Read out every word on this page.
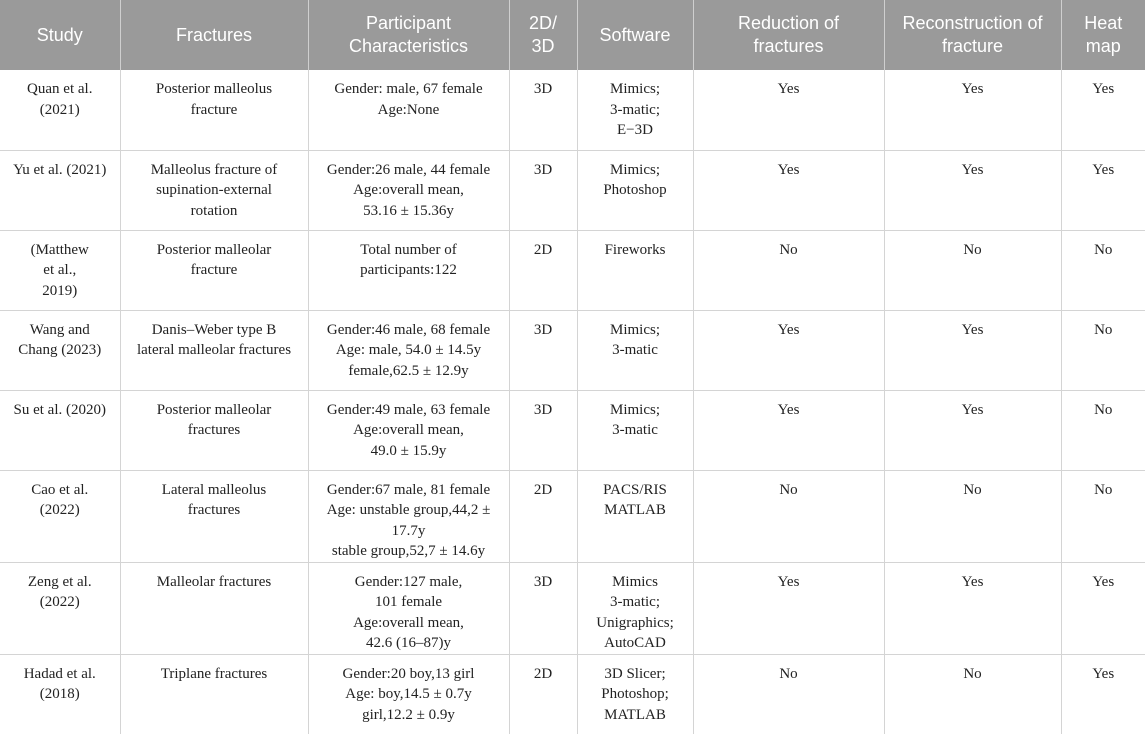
Study	Fractures	Participant
Characteristics	2D/
3D	Software	Reduction of
fractures	Reconstruction of
fracture	Heat
map

Quan et al.
(2021)	Posterior malleolus
fracture	Gender: male, 67 female
Age:None	3D	Mimics;
3-matic;
E−3D	Yes	Yes	Yes

Yu et al. (2021)	Malleolus fracture of
supination-external
rotation	Gender:26 male, 44 female
Age:overall mean,
53.16 ± 15.36y	3D	Mimics;
Photoshop	Yes	Yes	Yes

(Matthew
et al.,
2019)	Posterior malleolar
fracture	Total number of
participants:122	2D	Fireworks	No	No	No

Wang and
Chang (2023)	Danis–Weber type B
lateral malleolar fractures	Gender:46 male, 68 female
Age: male, 54.0 ± 14.5y
female,62.5 ± 12.9y	3D	Mimics;
3-matic	Yes	Yes	No

Su et al. (2020)	Posterior malleolar
fractures	Gender:49 male, 63 female
Age:overall mean,
49.0 ± 15.9y	3D	Mimics;
3-matic	Yes	Yes	No

Cao et al.
(2022)	Lateral malleolus
fractures	Gender:67 male, 81 female
Age: unstable group,44,2 ±
17.7y
stable group,52,7 ± 14.6y	2D	PACS/RIS
MATLAB	No	No	No

Zeng et al.
(2022)	Malleolar fractures	Gender:127 male,
101 female
Age:overall mean,
42.6 (16–87)y	3D	Mimics
3-matic;
Unigraphics;
AutoCAD	Yes	Yes	Yes

Hadad et al.
(2018)	Triplane fractures	Gender:20 boy,13 girl
Age: boy,14.5 ± 0.7y
girl,12.2 ± 0.9y	2D	3D Slicer;
Photoshop;
MATLAB	No	No	Yes
